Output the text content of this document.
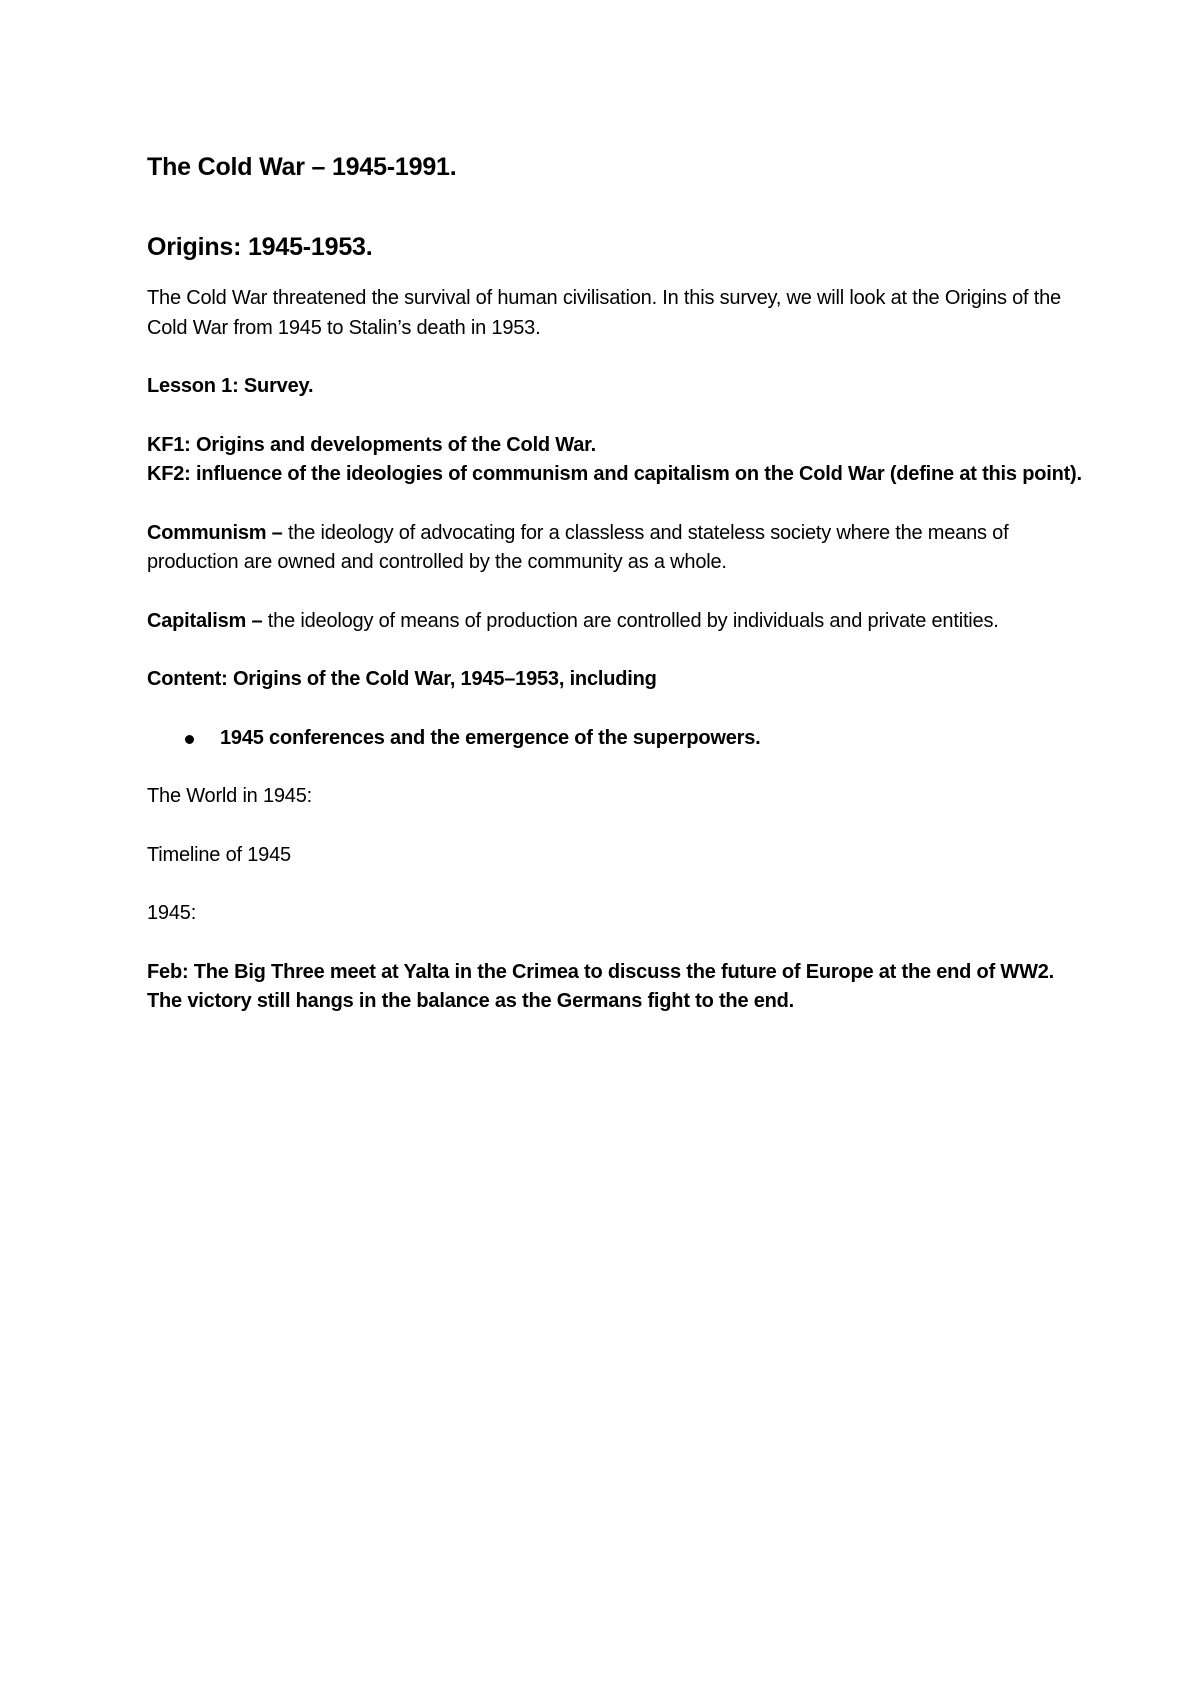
The Cold War – 1945-1991.
Origins: 1945-1953.

The Cold War threatened the survival of human civilisation. In this survey, we will look at the Origins of the Cold War from 1945 to Stalin’s death in 1953.

Lesson 1: Survey.

KF1: Origins and developments of the Cold War.
KF2: influence of the ideologies of communism and capitalism on the Cold War (define at this point).

Communism – the ideology of advocating for a classless and stateless society where the means of production are owned and controlled by the community as a whole.

Capitalism – the ideology of means of production are controlled by individuals and private entities.

Content: Origins of the Cold War, 1945–1953, including

1945 conferences and the emergence of the superpowers.

The World in 1945:

Timeline of 1945

1945:

Feb: The Big Three meet at Yalta in the Crimea to discuss the future of Europe at the end of WW2. The victory still hangs in the balance as the Germans fight to the end.
